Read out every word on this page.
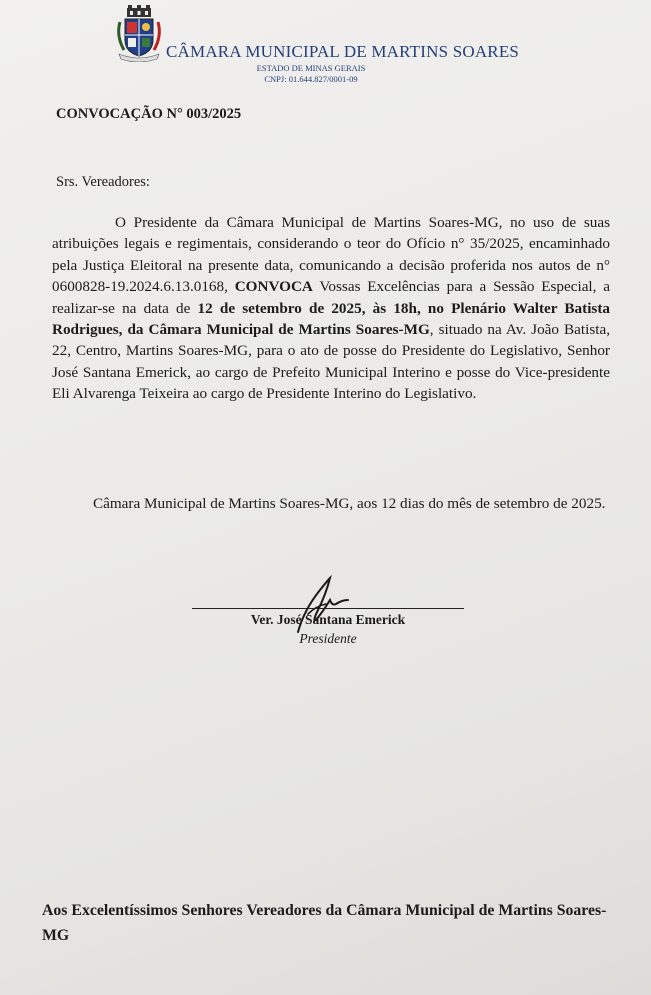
CÂMARA MUNICIPAL DE MARTINS SOARES
ESTADO DE MINAS GERAIS
CNPJ: 01.644.827/0001-09
CONVOCAÇÃO N° 003/2025
Srs. Vereadores:

O Presidente da Câmara Municipal de Martins Soares-MG, no uso de suas atribuições legais e regimentais, considerando o teor do Ofício n° 35/2025, encaminhado pela Justiça Eleitoral na presente data, comunicando a decisão proferida nos autos de n° 0600828-19.2024.6.13.0168, CONVOCA Vossas Excelências para a Sessão Especial, a realizar-se na data de 12 de setembro de 2025, às 18h, no Plenário Walter Batista Rodrigues, da Câmara Municipal de Martins Soares-MG, situado na Av. João Batista, 22, Centro, Martins Soares-MG, para o ato de posse do Presidente do Legislativo, Senhor José Santana Emerick, ao cargo de Prefeito Municipal Interino e posse do Vice-presidente Eli Alvarenga Teixeira ao cargo de Presidente Interino do Legislativo.

Câmara Municipal de Martins Soares-MG, aos 12 dias do mês de setembro de 2025.

Ver. José Santana Emerick
Presidente
Aos Excelentíssimos Senhores Vereadores da Câmara Municipal de Martins Soares-MG
